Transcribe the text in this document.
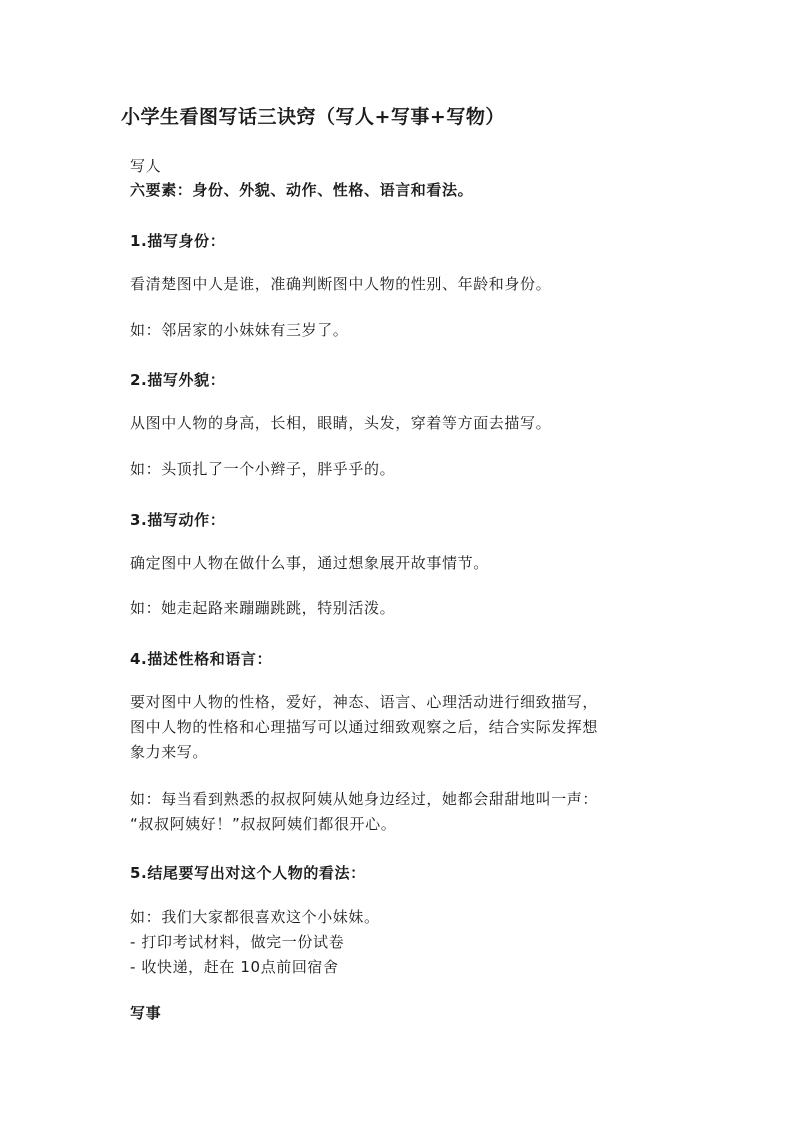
小学生看图写话三诀窍（写人+写事+写物）
写人
六要素：身份、外貌、动作、性格、语言和看法。
1.描写身份：
看清楚图中人是谁，准确判断图中人物的性别、年龄和身份。
如：邻居家的小妹妹有三岁了。
2.描写外貌：
从图中人物的身高，长相，眼睛，头发，穿着等方面去描写。
如：头顶扎了一个小辫子，胖乎乎的。
3.描写动作：
确定图中人物在做什么事，通过想象展开故事情节。
如：她走起路来蹦蹦跳跳，特别活泼。
4.描述性格和语言：
要对图中人物的性格，爱好，神态、语言、心理活动进行细致描写，
图中人物的性格和心理描写可以通过细致观察之后，结合实际发挥想
象力来写。
如：每当看到熟悉的叔叔阿姨从她身边经过，她都会甜甜地叫一声：
“叔叔阿姨好！”叔叔阿姨们都很开心。
5.结尾要写出对这个人物的看法：
如：我们大家都很喜欢这个小妹妹。
- 打印考试材料，做完一份试卷
- 收快递，赶在 10点前回宿舍
写事
